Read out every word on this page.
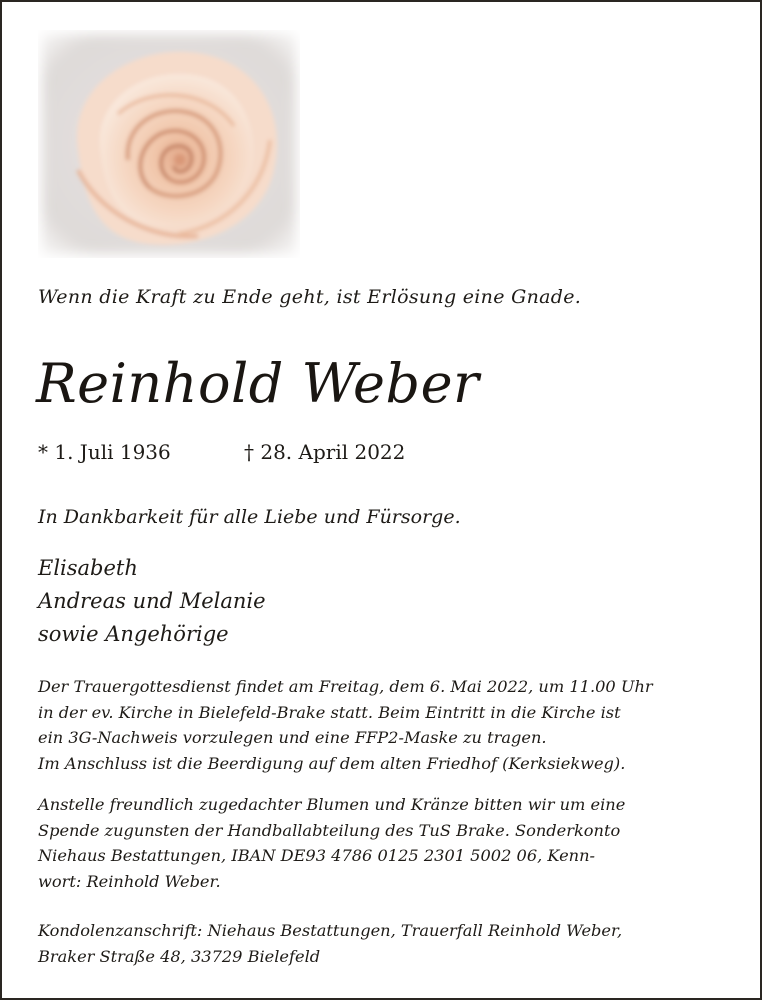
Wenn die Kraft zu Ende geht, ist Erlösung eine Gnade.
Reinhold Weber
* 1. Juli 1936	† 28. April 2022
In Dankbarkeit für alle Liebe und Fürsorge.
Elisabeth
Andreas und Melanie
sowie Angehörige
Der Trauergottesdienst findet am Freitag, dem 6. Mai 2022, um 11.00 Uhr
in der ev. Kirche in Bielefeld-Brake statt. Beim Eintritt in die Kirche ist
ein 3G-Nachweis vorzulegen und eine FFP2-Maske zu tragen.
Im Anschluss ist die Beerdigung auf dem alten Friedhof (Kerksiekweg).
Anstelle freundlich zugedachter Blumen und Kränze bitten wir um eine
Spende zugunsten der Handballabteilung des TuS Brake. Sonderkonto
Niehaus Bestattungen, IBAN DE93 4786 0125 2301 5002 06, Kenn-
wort: Reinhold Weber.
Kondolenzanschrift: Niehaus Bestattungen, Trauerfall Reinhold Weber,
Braker Straße 48, 33729 Bielefeld
